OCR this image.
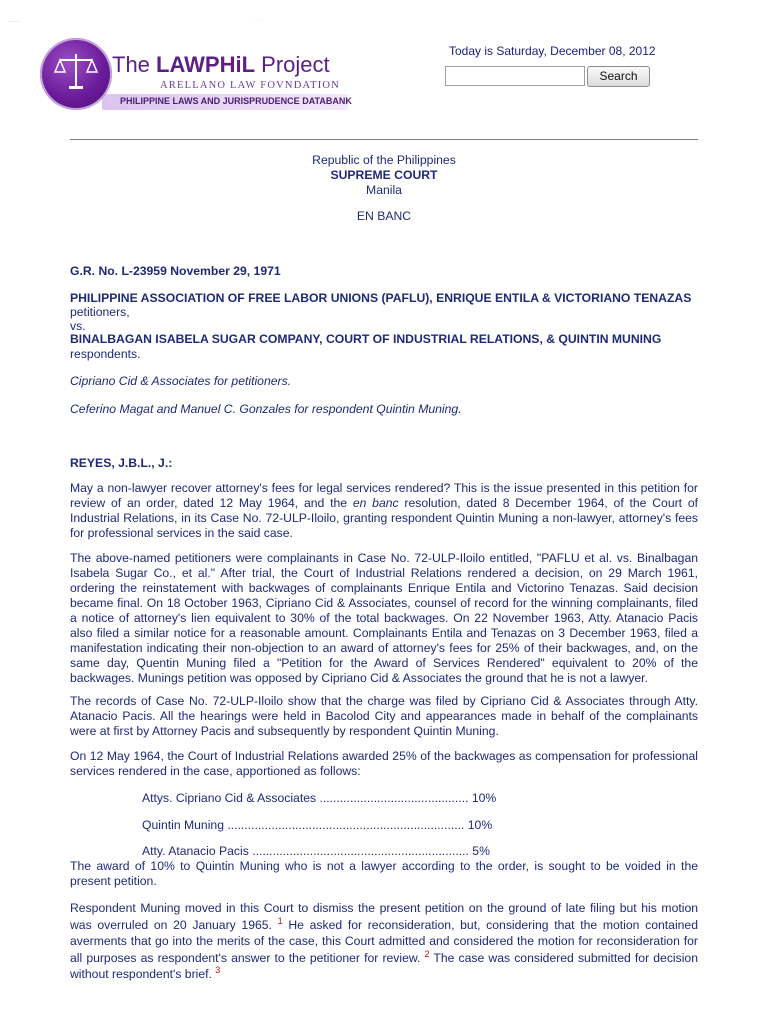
———	· · · · ·
PHILIPPINE LAWS AND JURISPRUDENCE DATABANK
The LAWPHiL Project
ARELLANO LAW FOVNDATION
Today is Saturday, December 08, 2012
Search
Republic of the Philippines
SUPREME COURT
Manila
EN BANC
G.R. No. L-23959 November 29, 1971
PHILIPPINE ASSOCIATION OF FREE LABOR UNIONS (PAFLU), ENRIQUE ENTILA & VICTORIANO TENAZAS
petitioners,
vs.
BINALBAGAN ISABELA SUGAR COMPANY, COURT OF INDUSTRIAL RELATIONS, & QUINTIN MUNING
respondents.
Cipriano Cid & Associates for petitioners.
Ceferino Magat and Manuel C. Gonzales for respondent Quintin Muning.
REYES, J.B.L., J.:
May a non-lawyer recover attorney's fees for legal services rendered? This is the issue presented in this petition for review of an order, dated 12 May 1964, and the en banc resolution, dated 8 December 1964, of the Court of Industrial Relations, in its Case No. 72-ULP-Iloilo, granting respondent Quintin Muning a non-lawyer, attorney's fees for professional services in the said case.
The above-named petitioners were complainants in Case No. 72-ULP-Iloilo entitled, "PAFLU et al. vs. Binalbagan Isabela Sugar Co., et al." After trial, the Court of Industrial Relations rendered a decision, on 29 March 1961, ordering the reinstatement with backwages of complainants Enrique Entila and Victorino Tenazas. Said decision became final. On 18 October 1963, Cipriano Cid & Associates, counsel of record for the winning complainants, filed a notice of attorney's lien equivalent to 30% of the total backwages. On 22 November 1963, Atty. Atanacio Pacis also filed a similar notice for a reasonable amount. Complainants Entila and Tenazas on 3 December 1963, filed a manifestation indicating their non-objection to an award of attorney's fees for 25% of their backwages, and, on the same day, Quentin Muning filed a "Petition for the Award of Services Rendered" equivalent to 20% of the backwages. Munings petition was opposed by Cipriano Cid & Associates the ground that he is not a lawyer.
The records of Case No. 72-ULP-Iloilo show that the charge was filed by Cipriano Cid & Associates through Atty. Atanacio Pacis. All the hearings were held in Bacolod City and appearances made in behalf of the complainants were at first by Attorney Pacis and subsequently by respondent Quintin Muning.
On 12 May 1964, the Court of Industrial Relations awarded 25% of the backwages as compensation for professional services rendered in the case, apportioned as follows:
Attys. Cipriano Cid & Associates ............................................ 10%
Quintin Muning ...................................................................... 10%
Atty. Atanacio Pacis ................................................................ 5%
The award of 10% to Quintin Muning who is not a lawyer according to the order, is sought to be voided in the present petition.
Respondent Muning moved in this Court to dismiss the present petition on the ground of late filing but his motion was overruled on 20 January 1965. $^1$ He asked for reconsideration, but, considering that the motion contained averments that go into the merits of the case, this Court admitted and considered the motion for reconsideration for all purposes as respondent's answer to the petitioner for review. $^2$ The case was considered submitted for decision without respondent's brief. $^3$
